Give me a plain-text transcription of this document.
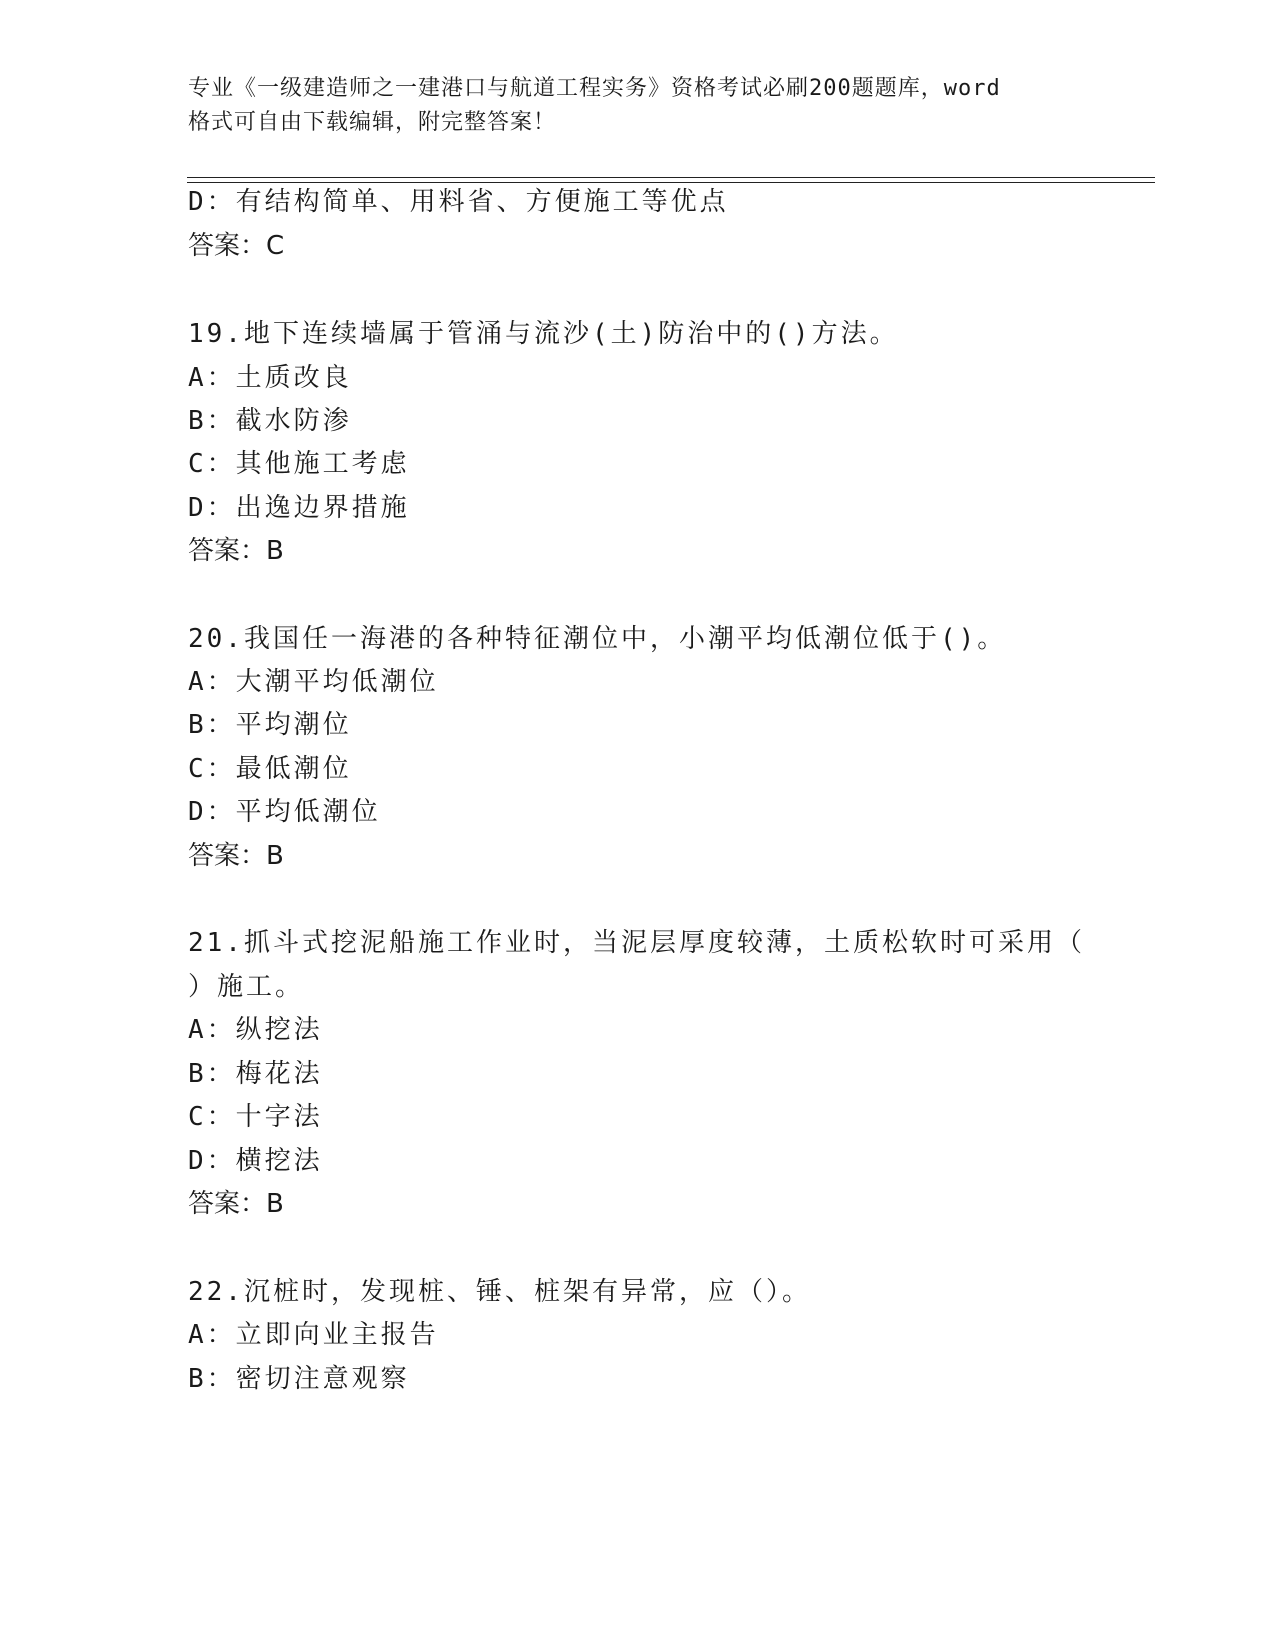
专业《一级建造师之一建港口与航道工程实务》资格考试必刷200题题库，word
格式可自由下载编辑，附完整答案！
D：有结构简单、用料省、方便施工等优点
答案：C
19.地下连续墙属于管涌与流沙(土)防治中的()方法。
A：土质改良
B：截水防渗
C：其他施工考虑
D：出逸边界措施
答案：B
20.我国任一海港的各种特征潮位中，小潮平均低潮位低于()。
A：大潮平均低潮位
B：平均潮位
C：最低潮位
D：平均低潮位
答案：B
21.抓斗式挖泥船施工作业时，当泥层厚度较薄，土质松软时可采用（
）施工。
A：纵挖法
B：梅花法
C：十字法
D：横挖法
答案：B
22.沉桩时，发现桩、锤、桩架有异常，应（）。
A：立即向业主报告
B：密切注意观察
